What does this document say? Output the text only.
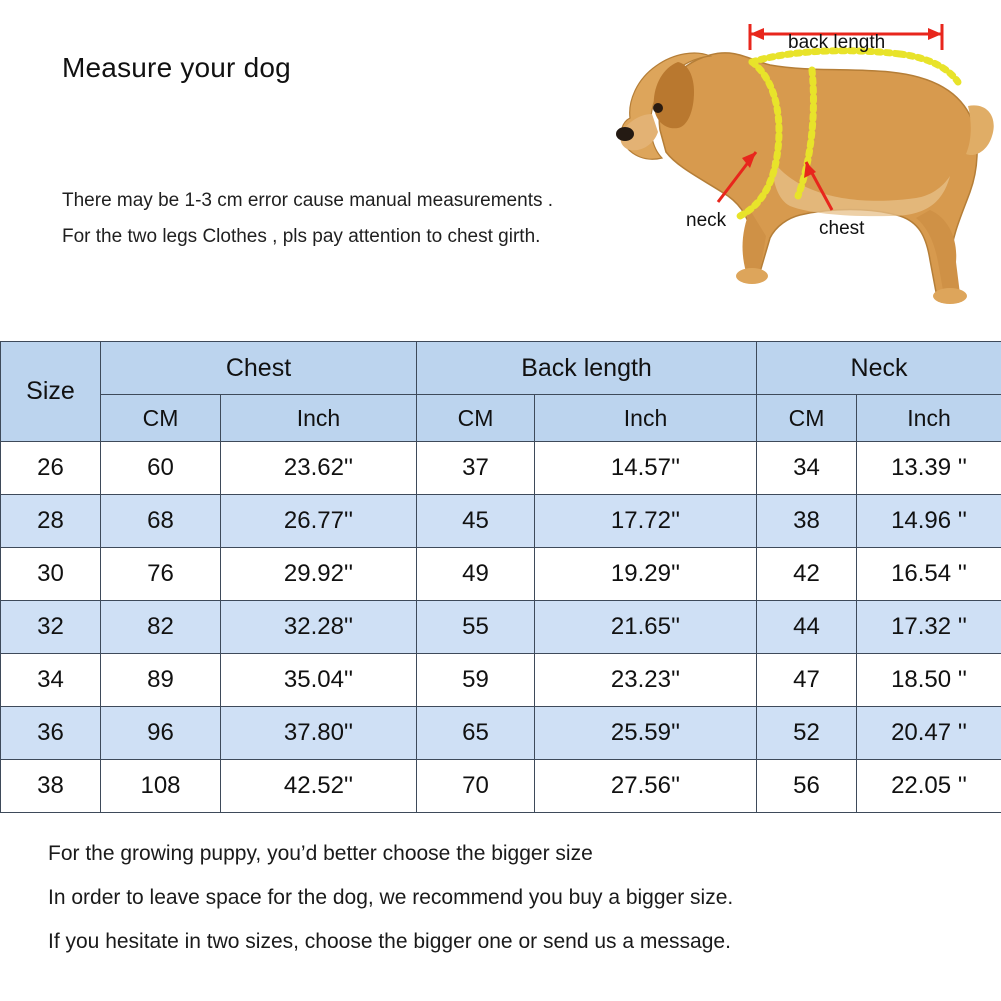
Measure your dog
There may be 1-3 cm error cause manual measurements .
For the two legs Clothes , pls pay attention to chest girth.
back length
neck	chest
Size	Chest		Back length		Neck	
	CM	Inch	CM	Inch	CM	Inch
26	60	23.62''	37	14.57''	34	13.39 ''
28	68	26.77''	45	17.72''	38	14.96 ''
30	76	29.92''	49	19.29''	42	16.54 ''
32	82	32.28''	55	21.65''	44	17.32 ''
34	89	35.04''	59	23.23''	47	18.50 ''
36	96	37.80''	65	25.59''	52	20.47 ''
38	108	42.52''	70	27.56''	56	22.05 ''

For the growing puppy, you’d better choose the bigger size

In order to leave space for the dog, we recommend you buy a bigger size.

If you hesitate in two sizes, choose the bigger one or send us a message.
